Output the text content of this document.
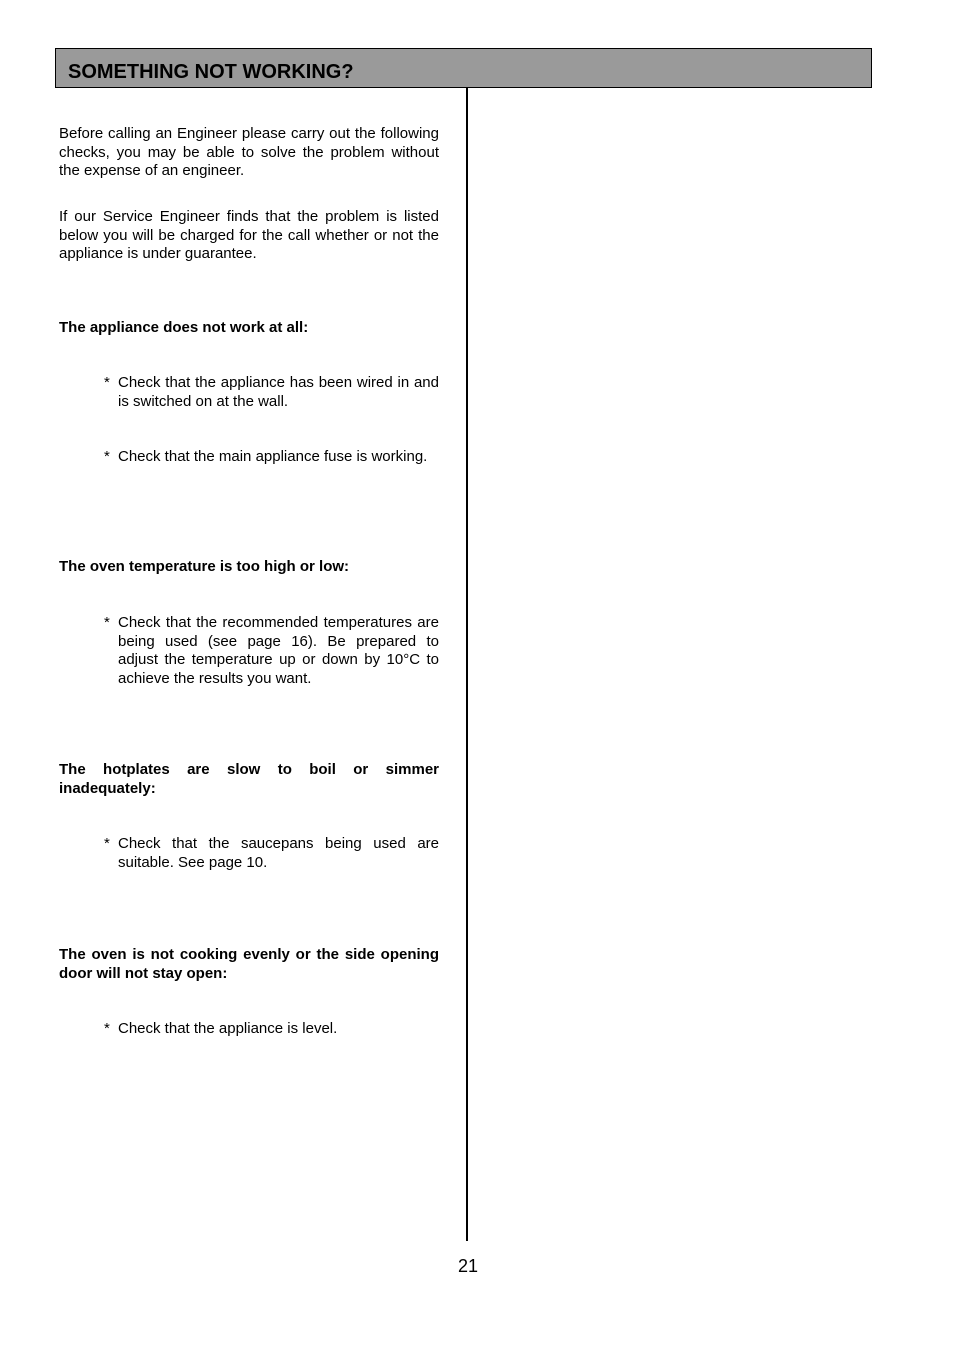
SOMETHING NOT WORKING?

Before calling an Engineer please carry out the following checks, you may be able to solve the problem without the expense of an engineer.

If our Service Engineer finds that the problem is listed below you will be charged for the call whether or not the appliance is under guarantee.

The appliance does not work at all:

* Check that the appliance has been wired in and is switched on at the wall.
* Check that the main appliance fuse is working.

The oven temperature is too high or low:

* Check that the recommended temperatures are being used (see page 16). Be prepared to adjust the temperature up or down by 10°C to achieve the results you want.

The hotplates are slow to boil or simmer inadequately:

* Check that the saucepans being used are suitable. See page 10.

The oven is not cooking evenly or the side opening door will not stay open:

* Check that the appliance is level.
21
